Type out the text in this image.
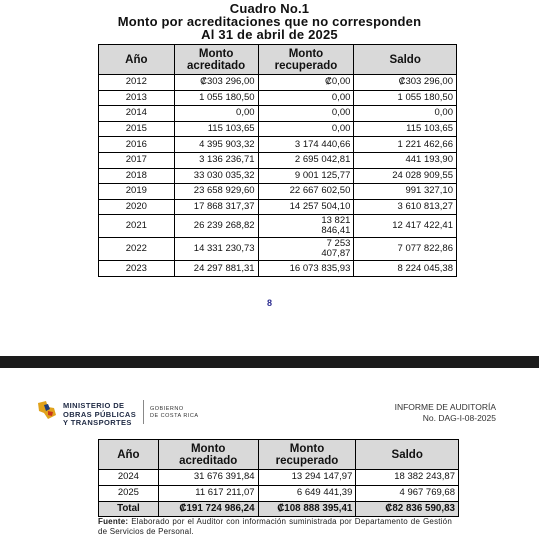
Cuadro No.1
Monto por acreditaciones que no corresponden
Al 31 de abril de 2025
Año	Monto acreditado	Monto recuperado	Saldo
2012	₡303 296,00	₡0,00	₡303 296,00
2013	1 055 180,50	0,00	1 055 180,50
2014	0,00	0,00	0,00
2015	115 103,65	0,00	115 103,65
2016	4 395 903,32	3 174 440,66	1 221 462,66
2017	3 136 236,71	2 695 042,81	441 193,90
2018	33 030 035,32	9 001 125,77	24 028 909,55
2019	23 658 929,60	22 667 602,50	991 327,10
2020	17 868 317,37	14 257 504,10	3 610 813,27
2021	26 239 268,82	13 821 846,41	12 417 422,41
2022	14 331 230,73	7 253 407,87	7 077 822,86
2023	24 297 881,31	16 073 835,93	8 224 045,38
8
MINISTERIO DE
OBRAS PÚBLICAS
Y TRANSPORTES
GOBIERNO
DE COSTA RICA
INFORME DE AUDITORÍA
No. DAG-I-08-2025
Año	Monto acreditado	Monto recuperado	Saldo
2024	31 676 391,84	13 294 147,97	18 382 243,87
2025	11 617 211,07	6 649 441,39	4 967 769,68
Total	₡191 724 986,24	₡108 888 395,41	₡82 836 590,83
Fuente: Elaborado por el Auditor con información suministrada por Departamento de Gestión de Servicios de Personal.
